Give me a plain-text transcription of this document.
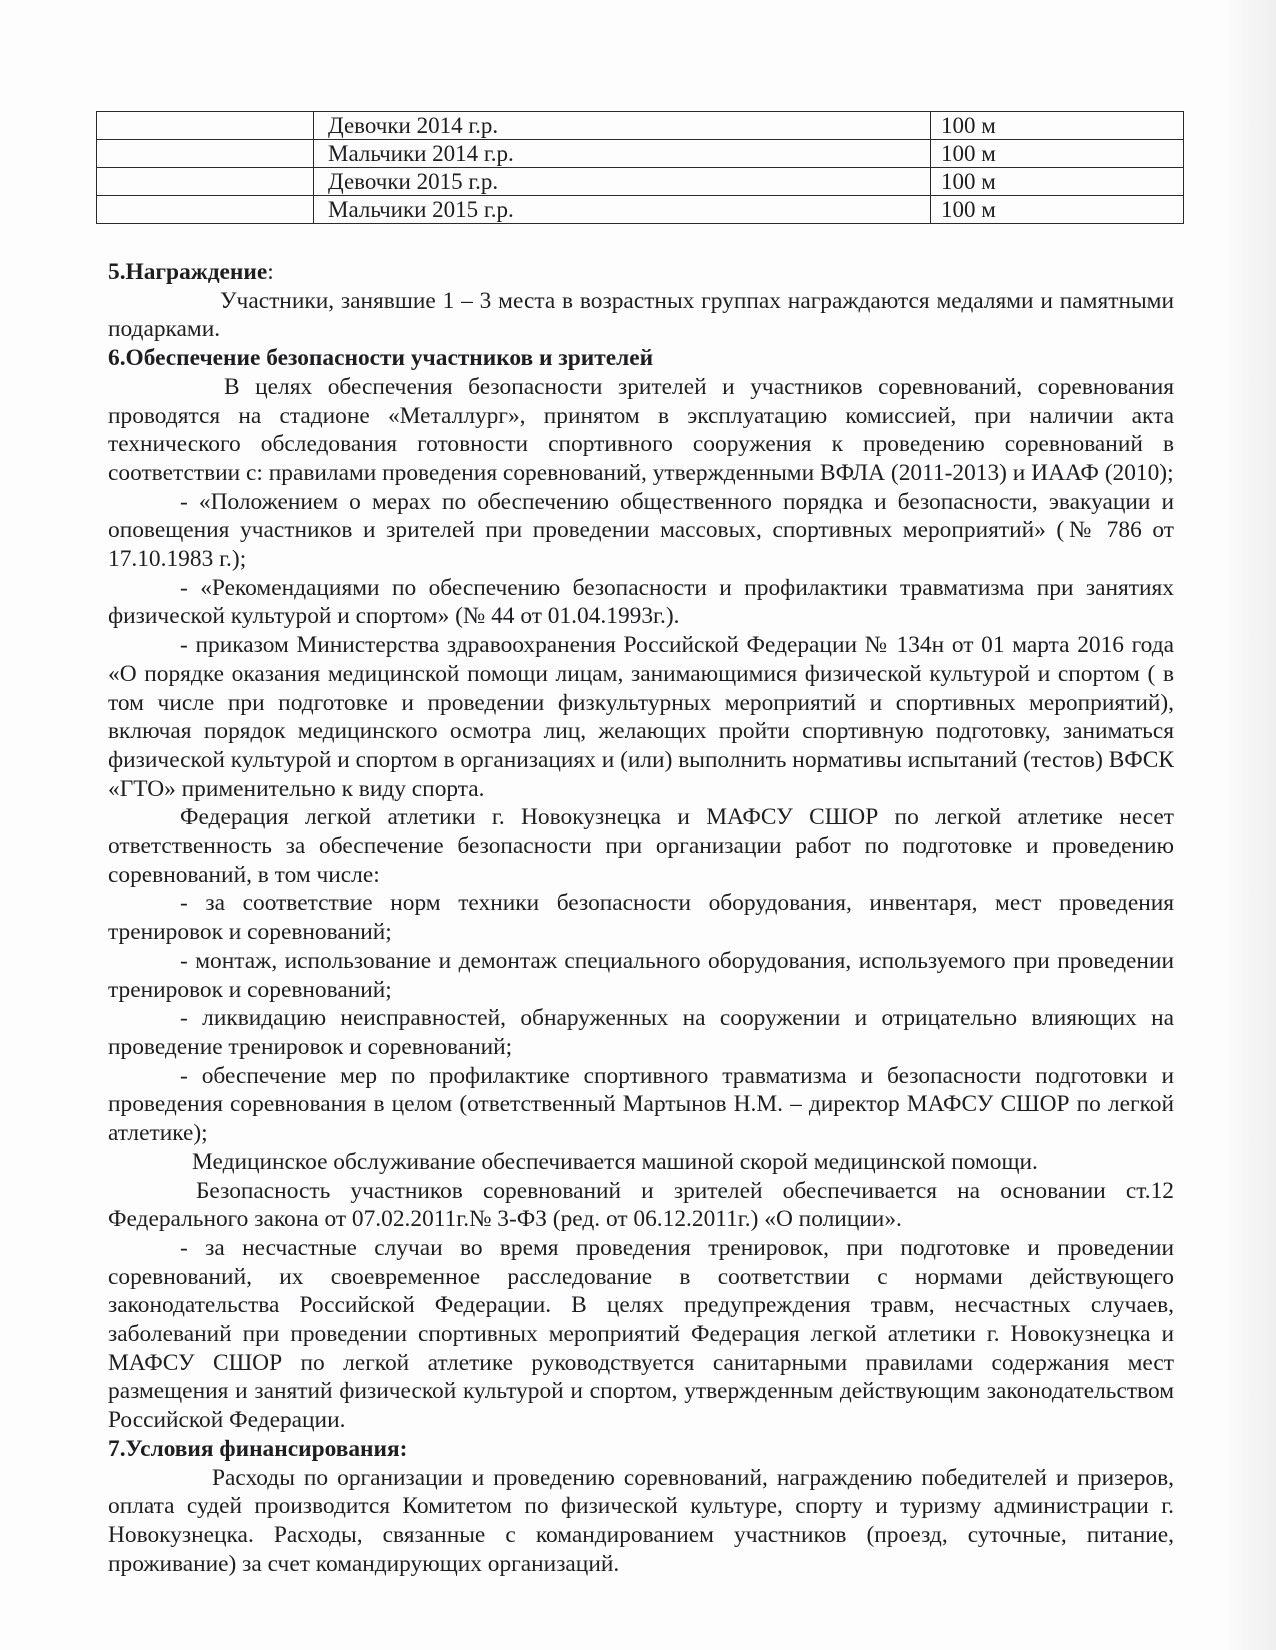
	Девочки 2014 г.р.	100 м
	Мальчики 2014 г.р.	100 м
	Девочки 2015 г.р.	100 м
	Мальчики 2015 г.р.	100 м

5.Награждение:

Участники, занявшие 1 – 3 места в возрастных группах награждаются медалями и памятными подарками.

6.Обеспечение безопасности участников и зрителей

В целях обеспечения безопасности зрителей и участников соревнований, соревнования проводятся на стадионе «Металлург», принятом в эксплуатацию комиссией, при наличии акта технического обследования готовности спортивного сооружения к проведению соревнований в соответствии с: правилами проведения соревнований, утвержденными ВФЛА (2011-2013) и ИААФ (2010);

- «Положением о мерах по обеспечению общественного порядка и безопасности, эвакуации и оповещения участников и зрителей при проведении массовых, спортивных мероприятий» (№ 786 от 17.10.1983 г.);

- «Рекомендациями по обеспечению безопасности и профилактики травматизма при занятиях физической культурой и спортом» (№ 44 от 01.04.1993г.).

- приказом Министерства здравоохранения Российской Федерации № 134н от 01 марта 2016 года «О порядке оказания медицинской помощи лицам, занимающимися физической культурой и спортом ( в том числе при подготовке и проведении физкультурных мероприятий и спортивных мероприятий), включая порядок медицинского осмотра лиц, желающих пройти спортивную подготовку, заниматься физической культурой и спортом в организациях и (или) выполнить нормативы испытаний (тестов) ВФСК «ГТО» применительно к виду спорта.

Федерация легкой атлетики г. Новокузнецка и МАФСУ СШОР по легкой атлетике несет ответственность за обеспечение безопасности при организации работ по подготовке и проведению соревнований, в том числе:

- за соответствие норм техники безопасности оборудования, инвентаря, мест проведения тренировок и соревнований;

- монтаж, использование и демонтаж специального оборудования, используемого при проведении тренировок и соревнований;

- ликвидацию неисправностей, обнаруженных на сооружении и отрицательно влияющих на проведение тренировок и соревнований;

- обеспечение мер по профилактике спортивного травматизма и безопасности подготовки и проведения соревнования в целом (ответственный Мартынов Н.М. – директор МАФСУ СШОР по легкой атлетике);

Медицинское обслуживание обеспечивается машиной скорой медицинской помощи.

Безопасность участников соревнований и зрителей обеспечивается на основании ст.12 Федерального закона от 07.02.2011г.№ 3-ФЗ (ред. от 06.12.2011г.) «О полиции».

- за несчастные случаи во время проведения тренировок, при подготовке и проведении соревнований, их своевременное расследование в соответствии с нормами действующего законодательства Российской Федерации. В целях предупреждения травм, несчастных случаев, заболеваний при проведении спортивных мероприятий Федерация легкой атлетики г. Новокузнецка и МАФСУ СШОР по легкой атлетике руководствуется санитарными правилами содержания мест размещения и занятий физической культурой и спортом, утвержденным действующим законодательством Российской Федерации.

7.Условия финансирования:

Расходы по организации и проведению соревнований, награждению победителей и призеров, оплата судей производится Комитетом по физической культуре, спорту и туризму администрации г. Новокузнецка. Расходы, связанные с командированием участников (проезд, суточные, питание, проживание) за счет командирующих организаций.
